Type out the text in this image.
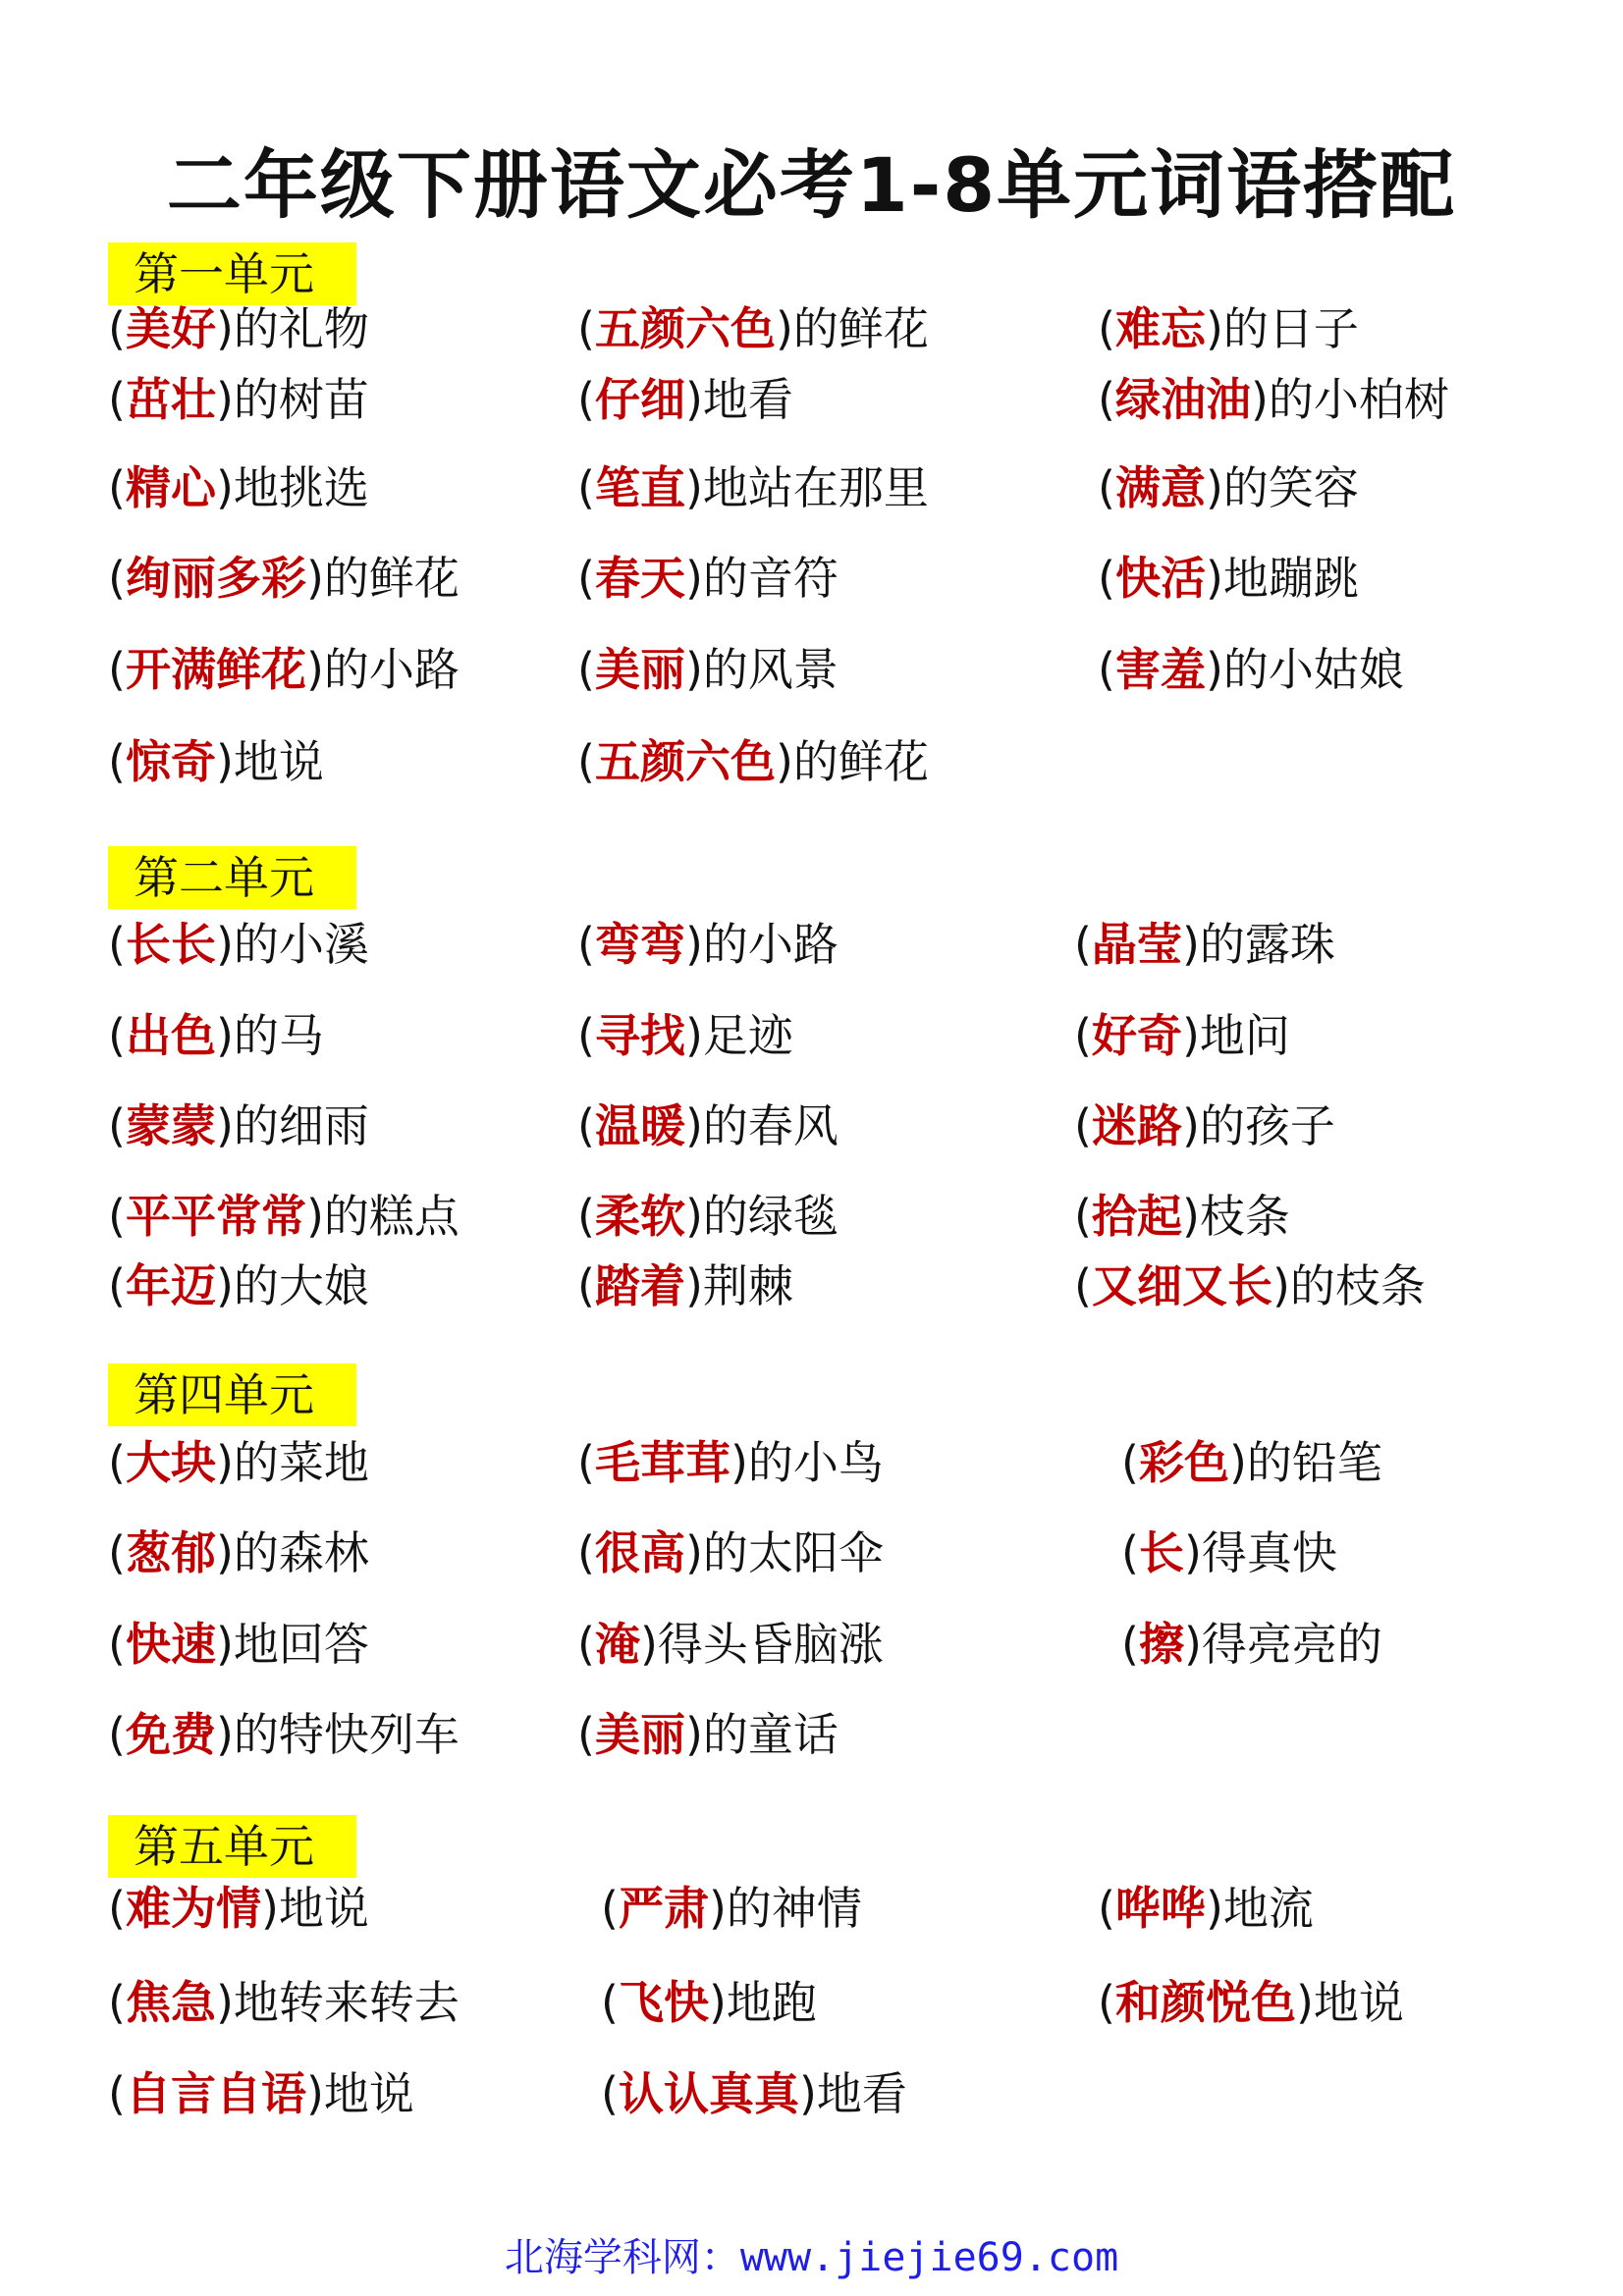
二年级下册语文必考1-8单元词语搭配
第一单元
(美好)的礼物	(五颜六色)的鲜花	(难忘)的日子
(茁壮)的树苗	(仔细)地看	(绿油油)的小柏树
(精心)地挑选	(笔直)地站在那里	(满意)的笑容
(绚丽多彩)的鲜花	(春天)的音符	(快活)地蹦跳
(开满鲜花)的小路	(美丽)的风景	(害羞)的小姑娘
(惊奇)地说	(五颜六色)的鲜花
第二单元
(长长)的小溪	(弯弯)的小路	(晶莹)的露珠
(出色)的马	(寻找)足迹	(好奇)地问
(蒙蒙)的细雨	(温暖)的春风	(迷路)的孩子
(平平常常)的糕点	(柔软)的绿毯	(拾起)枝条
(年迈)的大娘	(踏着)荆棘	(又细又长)的枝条
第四单元
(大块)的菜地	(毛茸茸)的小鸟	(彩色)的铅笔
(葱郁)的森林	(很高)的太阳伞	(长)得真快
(快速)地回答	(淹)得头昏脑涨	(擦)得亮亮的
(免费)的特快列车	(美丽)的童话
第五单元
(难为情)地说	(严肃)的神情	(哗哗)地流
(焦急)地转来转去	(飞快)地跑	(和颜悦色)地说
(自言自语)地说	(认认真真)地看
北海学科网：www.jiejie69.com
